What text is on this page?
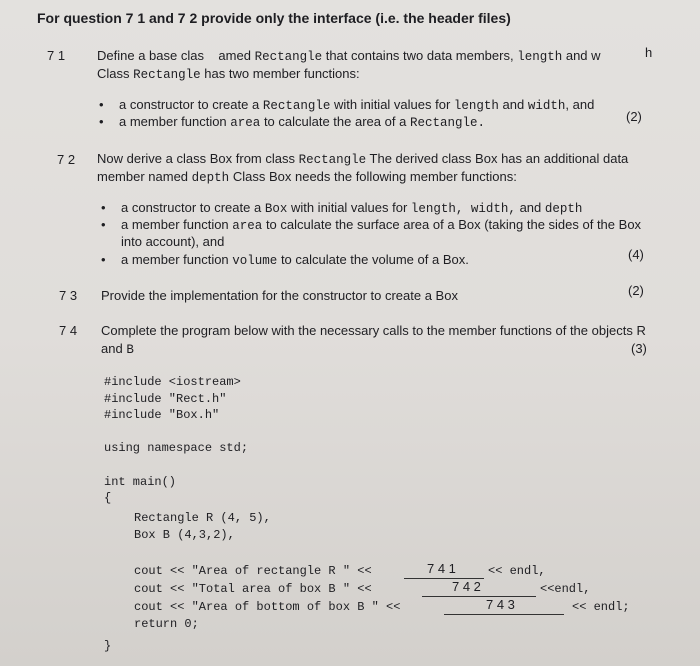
For question 7 1 and 7 2 provide only the interface (i.e. the header files)
7 1 Define a base clas amed Rectangle that contains two data members, length and w	h
Class Rectangle has two member functions:
• a constructor to create a Rectangle with initial values for length and width, and
• a member function area to calculate the area of a Rectangle.	(2)
7 2 Now derive a class Box from class Rectangle The derived class Box has an additional data
member named depth Class Box needs the following member functions:
• a constructor to create a Box with initial values for length, width, and depth
• a member function area to calculate the surface area of a Box (taking the sides of the Box
into account), and
• a member function volume to calculate the volume of a Box.	(4)
7 3 Provide the implementation for the constructor to create a Box	(2)
7 4 Complete the program below with the necessary calls to the member functions of the objects R
and B	(3)
#include <iostream>
#include "Rect.h"
#include "Box.h"
using namespace std;
int main()
{
Rectangle R (4, 5),
Box B (4,3,2),
cout << "Area of rectangle R " <<	7 4 1	<< endl,
cout << "Total area of box B " <<	7 4 2	<<endl,
cout << "Area of bottom of box B " <<	7 4 3	<< endl;
return 0;
}
